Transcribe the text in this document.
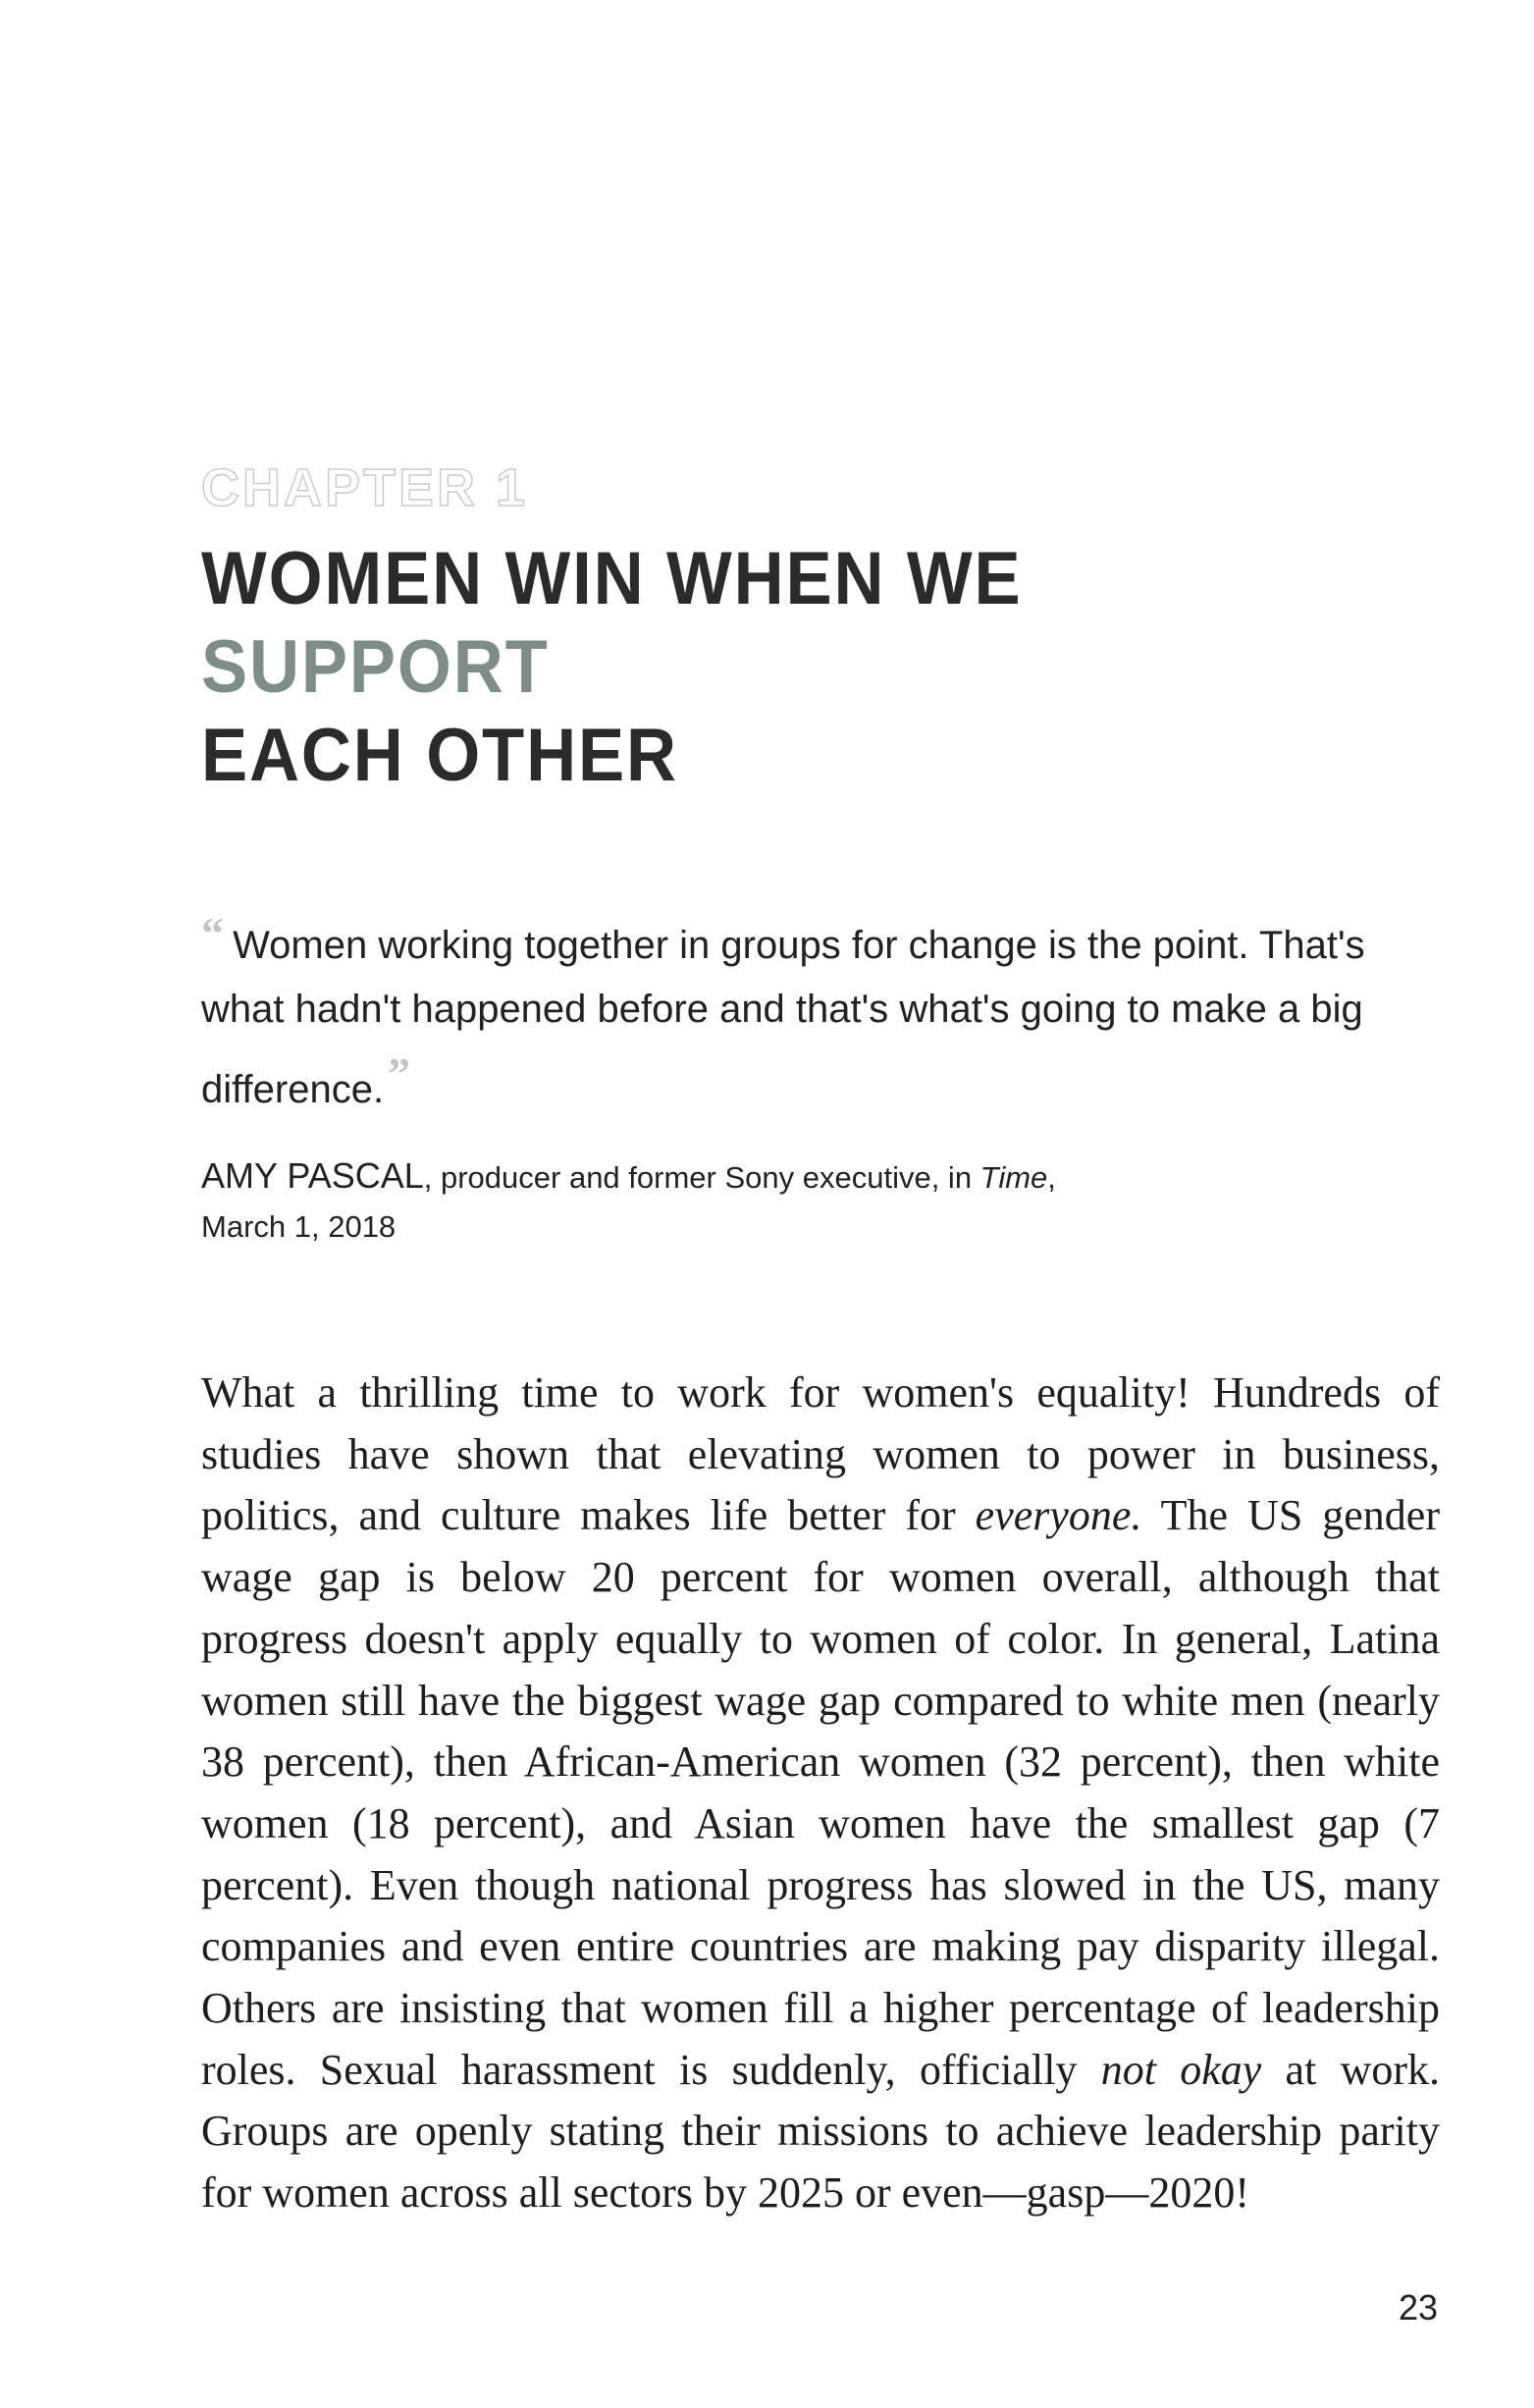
CHAPTER 1
WOMEN WIN WHEN WE SUPPORT
EACH OTHER

“ Women working together in groups for change is the point. That's what hadn't happened before and that's what's going to make a big difference.”

AMY PASCAL, producer and former Sony executive, in Time,
March 1, 2018

What a thrilling time to work for women's equality! Hundreds of studies have shown that elevating women to power in business, politics, and culture makes life better for everyone. The US gender wage gap is below 20 percent for women overall, although that progress doesn't apply equally to women of color. In general, Latina women still have the biggest wage gap compared to white men (nearly 38 percent), then African-American women (32 percent), then white women (18 percent), and Asian women have the smallest gap (7 percent). Even though national progress has slowed in the US, many companies and even entire countries are making pay disparity illegal. Others are insisting that women fill a higher percentage of leadership roles. Sexual harassment is suddenly, officially not okay at work. Groups are openly stating their missions to achieve leadership parity for women across all sectors by 2025 or even—gasp—2020!

23
